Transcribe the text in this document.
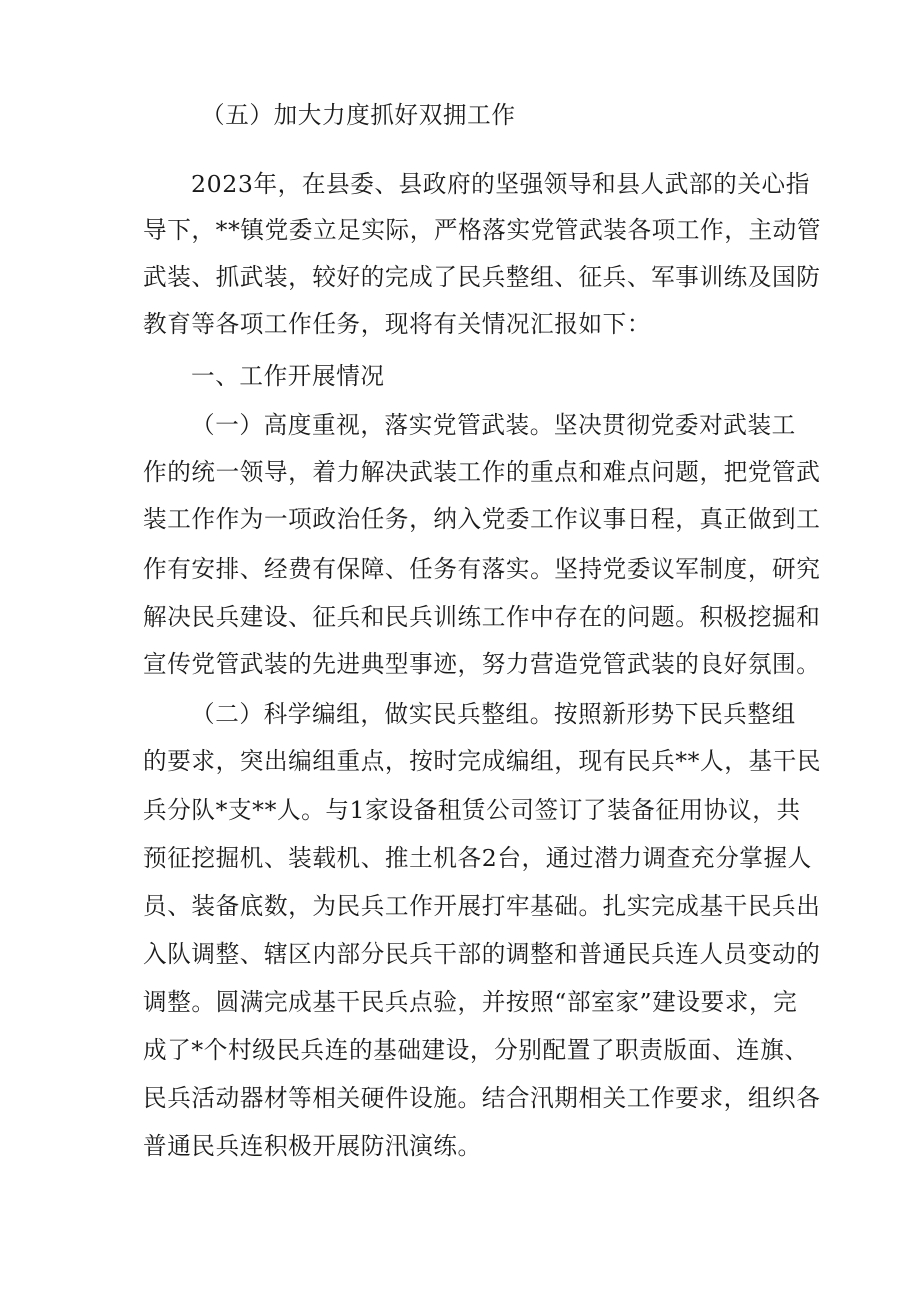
（五）加大力度抓好双拥工作
2023年，在县委、县政府的坚强领导和县人武部的关心指
导下，**镇党委立足实际，严格落实党管武装各项工作，主动管
武装、抓武装，较好的完成了民兵整组、征兵、军事训练及国防
教育等各项工作任务，现将有关情况汇报如下：
一、工作开展情况
（一）高度重视，落实党管武装。坚决贯彻党委对武装工
作的统一领导，着力解决武装工作的重点和难点问题，把党管武
装工作作为一项政治任务，纳入党委工作议事日程，真正做到工
作有安排、经费有保障、任务有落实。坚持党委议军制度，研究
解决民兵建设、征兵和民兵训练工作中存在的问题。积极挖掘和
宣传党管武装的先进典型事迹，努力营造党管武装的良好氛围。
（二）科学编组，做实民兵整组。按照新形势下民兵整组
的要求，突出编组重点，按时完成编组，现有民兵**人，基干民
兵分队*支**人。与1家设备租赁公司签订了装备征用协议，共
预征挖掘机、装载机、推土机各2台，通过潜力调查充分掌握人
员、装备底数，为民兵工作开展打牢基础。扎实完成基干民兵出
入队调整、辖区内部分民兵干部的调整和普通民兵连人员变动的
调整。圆满完成基干民兵点验，并按照“部室家”建设要求，完
成了*个村级民兵连的基础建设，分别配置了职责版面、连旗、
民兵活动器材等相关硬件设施。结合汛期相关工作要求，组织各
普通民兵连积极开展防汛演练。
